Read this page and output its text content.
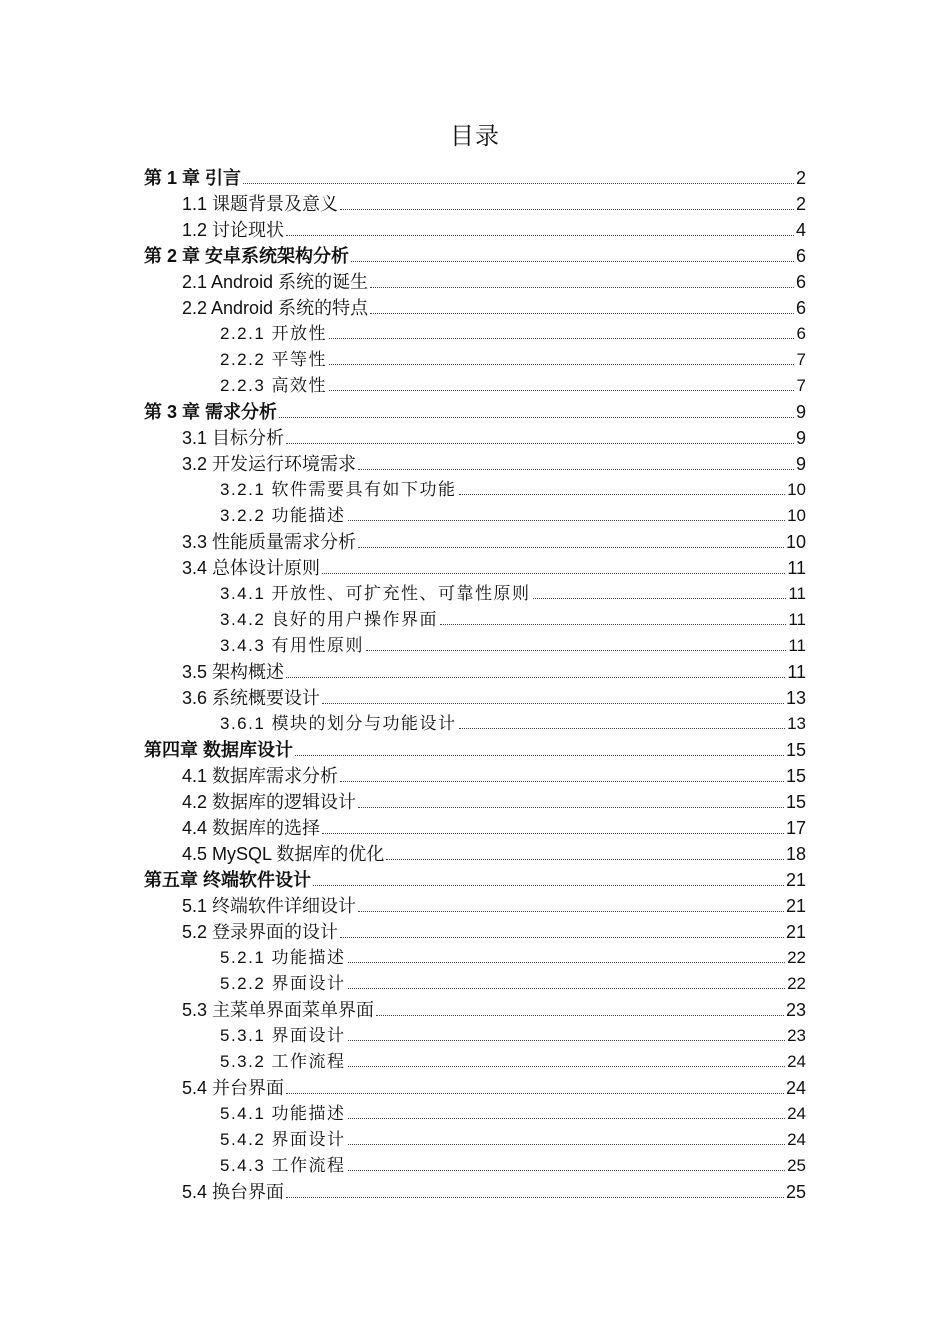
目录
第 1 章 引言	2
1.1 课题背景及意义	2
1.2 讨论现状	4
第 2 章 安卓系统架构分析	6
2.1 Android 系统的诞生	6
2.2 Android 系统的特点	6
2.2.1 开放性	6
2.2.2 平等性	7
2.2.3 高效性	7
第 3 章 需求分析	9
3.1 目标分析	9
3.2 开发运行环境需求	9
3.2.1 软件需要具有如下功能	10
3.2.2 功能描述	10
3.3 性能质量需求分析	10
3.4 总体设计原则	11
3.4.1 开放性、可扩充性、可靠性原则	11
3.4.2 良好的用户操作界面	11
3.4.3 有用性原则	11
3.5 架构概述	11
3.6 系统概要设计	13
3.6.1 模块的划分与功能设计	13
第四章 数据库设计	15
4.1 数据库需求分析	15
4.2 数据库的逻辑设计	15
4.4 数据库的选择	17
4.5 MySQL 数据库的优化	18
第五章 终端软件设计	21
5.1 终端软件详细设计	21
5.2 登录界面的设计	21
5.2.1 功能描述	22
5.2.2 界面设计	22
5.3 主菜单界面菜单界面	23
5.3.1 界面设计	23
5.3.2 工作流程	24
5.4 并台界面	24
5.4.1 功能描述	24
5.4.2 界面设计	24
5.4.3 工作流程	25
5.4 换台界面	25
